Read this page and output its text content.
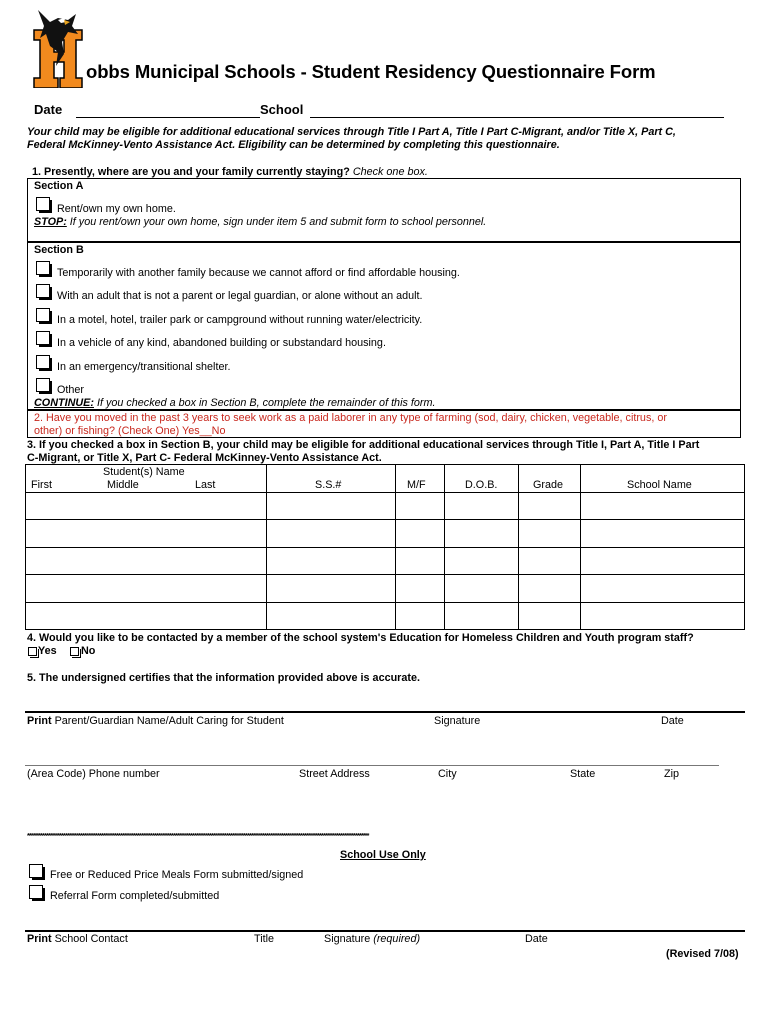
obbs Municipal Schools - Student Residency Questionnaire Form
Date	School
Your child may be eligible for additional educational services through Title I Part A, Title I Part C-Migrant, and/or Title X, Part C,
Federal McKinney-Vento Assistance Act. Eligibility can be determined by completing this questionnaire.
1. Presently, where are you and your family currently staying? Check one box.
Section A
Rent/own my own home.
STOP: If you rent/own your own home, sign under item 5 and submit form to school personnel.
Section B
Temporarily with another family because we cannot afford or find affordable housing.
With an adult that is not a parent or legal guardian, or alone without an adult.
In a motel, hotel, trailer park or campground without running water/electricity.
In a vehicle of any kind, abandoned building or substandard housing.
In an emergency/transitional shelter.
Other
CONTINUE: If you checked a box in Section B, complete the remainder of this form.
2. Have you moved in the past 3 years to seek work as a paid laborer in any type of farming (sod, dairy, chicken, vegetable, citrus, or
other) or fishing? (Check One) Yes__No
3. If you checked a box in Section B, your child may be eligible for additional educational services through Title I, Part A, Title I Part
C-Migrant, or Title X, Part C- Federal McKinney-Vento Assistance Act.
Student(s) Name
First	Middle	Last	S.S.#	M/F	D.O.B.	Grade	School Name
4. Would you like to be contacted by a member of the school system's Education for Homeless Children and Youth program staff?
Yes No
5. The undersigned certifies that the information provided above is accurate.
Print Parent/Guardian Name/Adult Caring for Student	Signature	Date
(Area Code) Phone number	Street Address	City	State	Zip
************************************************************************************************************************************************************************************
School Use Only
Free or Reduced Price Meals Form submitted/signed
Referral Form completed/submitted
Print School Contact	Title	Signature (required)	Date
(Revised 7/08)
